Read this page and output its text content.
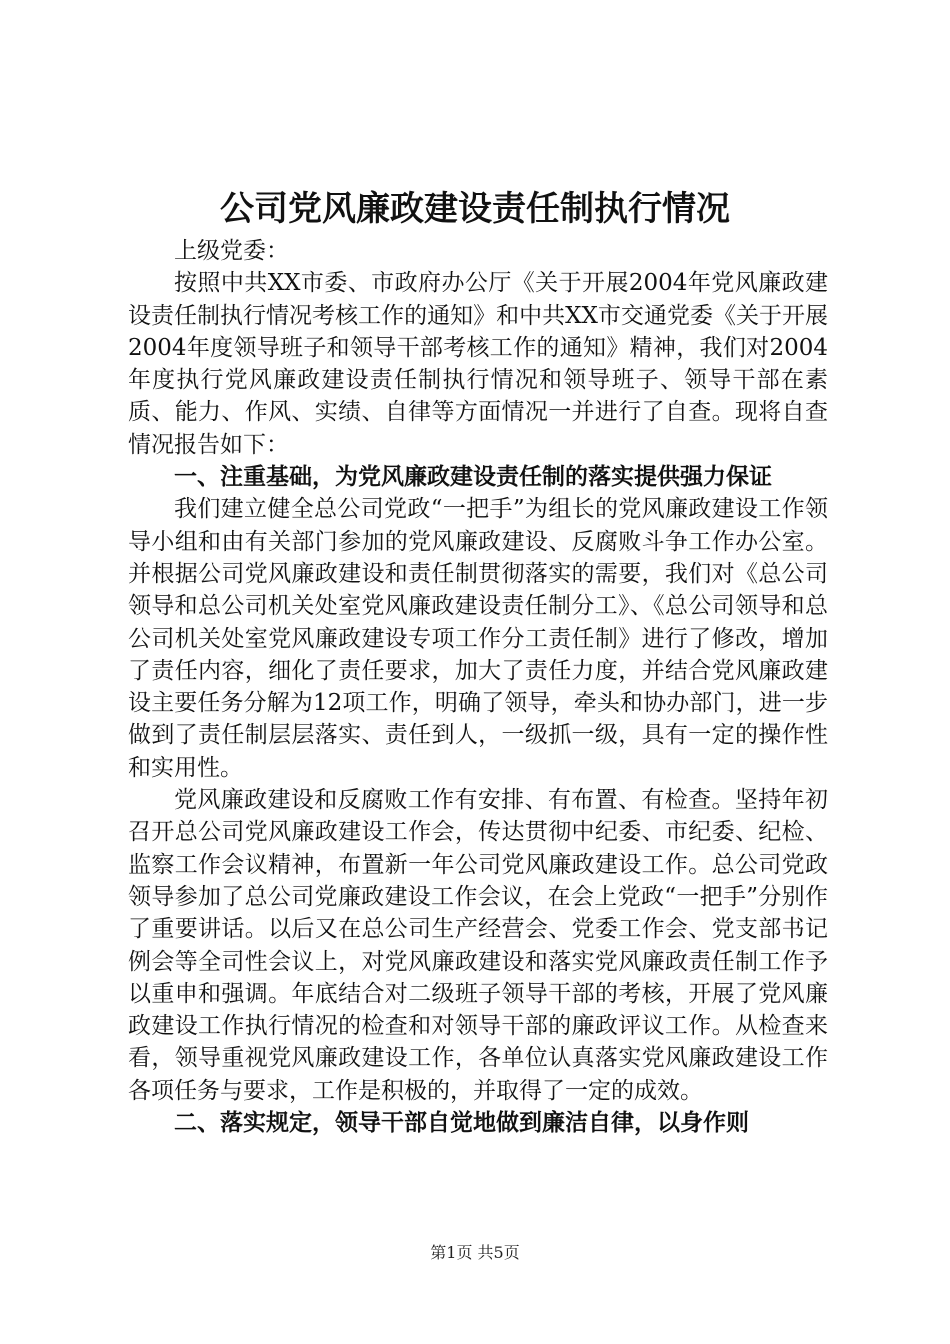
公司党风廉政建设责任制执行情况

上级党委：

按照中共XX市委、市政府办公厅《关于开展2004年党风廉政建设责任制执行情况考核工作的通知》和中共XX市交通党委《关于开展2004年度领导班子和领导干部考核工作的通知》精神，我们对2004年度执行党风廉政建设责任制执行情况和领导班子、领导干部在素质、能力、作风、实绩、自律等方面情况一并进行了自查。现将自查情况报告如下：

一、注重基础，为党风廉政建设责任制的落实提供强力保证

我们建立健全总公司党政“一把手”为组长的党风廉政建设工作领导小组和由有关部门参加的党风廉政建设、反腐败斗争工作办公室。并根据公司党风廉政建设和责任制贯彻落实的需要，我们对《总公司领导和总公司机关处室党风廉政建设责任制分工》、《总公司领导和总公司机关处室党风廉政建设专项工作分工责任制》进行了修改，增加了责任内容，细化了责任要求，加大了责任力度，并结合党风廉政建设主要任务分解为12项工作，明确了领导，牵头和协办部门，进一步做到了责任制层层落实、责任到人，一级抓一级，具有一定的操作性和实用性。

党风廉政建设和反腐败工作有安排、有布置、有检查。坚持年初召开总公司党风廉政建设工作会，传达贯彻中纪委、市纪委、纪检、监察工作会议精神，布置新一年公司党风廉政建设工作。总公司党政领导参加了总公司党廉政建设工作会议，在会上党政“一把手”分别作了重要讲话。以后又在总公司生产经营会、党委工作会、党支部书记例会等全司性会议上，对党风廉政建设和落实党风廉政责任制工作予以重申和强调。年底结合对二级班子领导干部的考核，开展了党风廉政建设工作执行情况的检查和对领导干部的廉政评议工作。从检查来看，领导重视党风廉政建设工作，各单位认真落实党风廉政建设工作各项任务与要求，工作是积极的，并取得了一定的成效。

二、落实规定，领导干部自觉地做到廉洁自律，以身作则

第1页 共5页
